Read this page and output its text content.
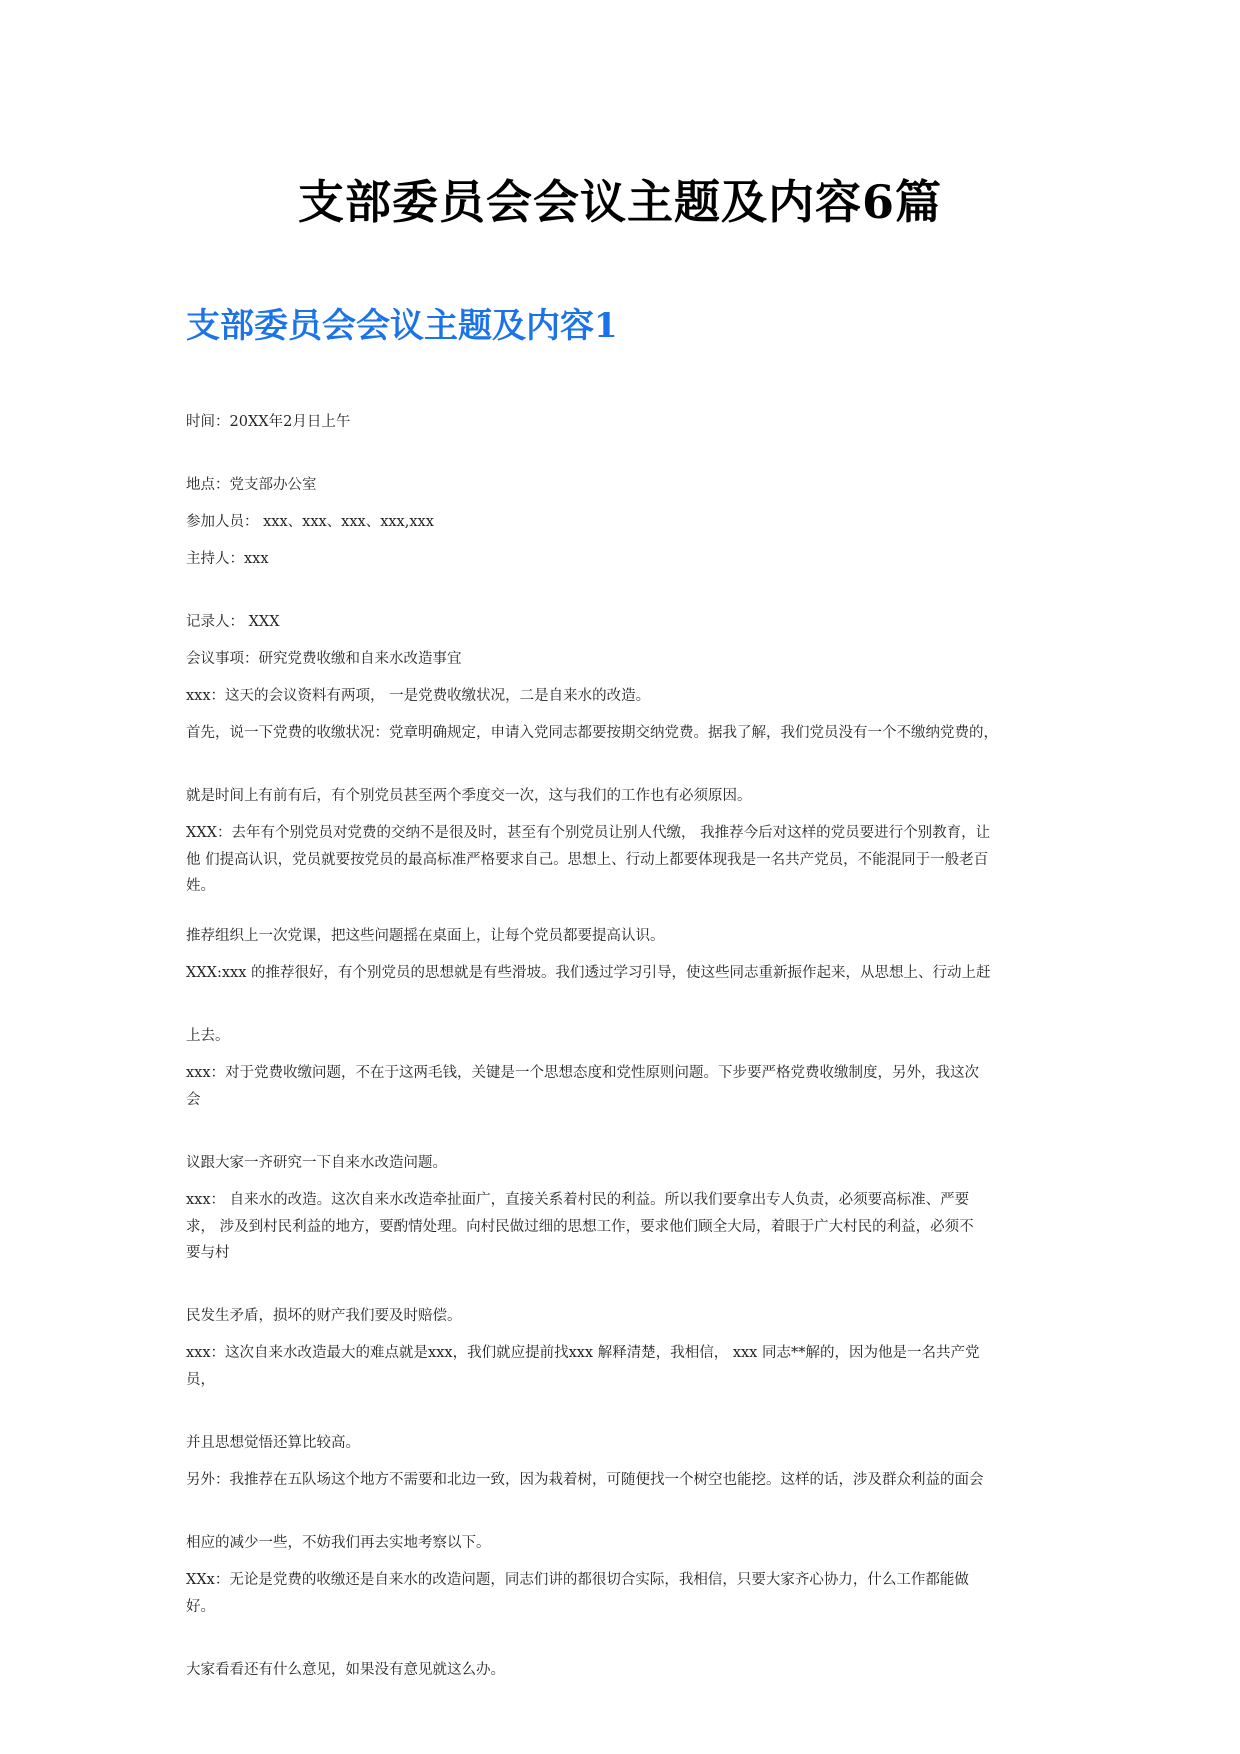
支部委员会会议主题及内容6篇
支部委员会会议主题及内容1
时间：20XX年2月日上午
地点：党支部办公室
参加人员： xxx、xxx、xxx、xxx,xxx
主持人：xxx
记录人： XXX
会议事项：研究党费收缴和自来水改造事宜
xxx：这天的会议资料有两项， 一是党费收缴状况，二是自来水的改造。
首先，说一下党费的收缴状况：党章明确规定，申请入党同志都要按期交纳党费。据我了解，我们党员没有一个不缴纳党费的，
就是时间上有前有后，有个别党员甚至两个季度交一次，这与我们的工作也有必须原因。
XXX：去年有个别党员对党费的交纳不是很及时，甚至有个别党员让别人代缴， 我推荐今后对这样的党员要进行个别教育，让
他 们提高认识，党员就要按党员的最高标准严格要求自己。思想上、行动上都要体现我是一名共产党员，不能混同于一般老百
姓。
推荐组织上一次党课，把这些问题摇在桌面上，让每个党员都要提高认识。
XXX:xxx 的推荐很好，有个别党员的思想就是有些滑坡。我们透过学习引导，使这些同志重新振作起来，从思想上、行动上赶
上去。
xxx：对于党费收缴问题，不在于这两毛钱，关键是一个思想态度和党性原则问题。下步要严格党费收缴制度，另外，我这次
会
议跟大家一齐研究一下自来水改造问题。
xxx： 自来水的改造。这次自来水改造牵扯面广，直接关系着村民的利益。所以我们要拿出专人负责，必须要高标准、严要
求， 涉及到村民利益的地方，要酌情处理。向村民做过细的思想工作，要求他们顾全大局，着眼于广大村民的利益，必须不
要与村
民发生矛盾，损坏的财产我们要及时赔偿。
xxx：这次自来水改造最大的难点就是xxx，我们就应提前找xxx 解释清楚，我相信， xxx 同志**解的，因为他是一名共产党
员，
并且思想觉悟还算比较高。
另外：我推荐在五队场这个地方不需要和北边一致，因为栽着树，可随便找一个树空也能挖。这样的话，涉及群众利益的面会
相应的减少一些，不妨我们再去实地考察以下。
XXx：无论是党费的收缴还是自来水的改造问题，同志们讲的都很切合实际，我相信，只要大家齐心协力，什么工作都能做
好。
大家看看还有什么意见，如果没有意见就这么办。
